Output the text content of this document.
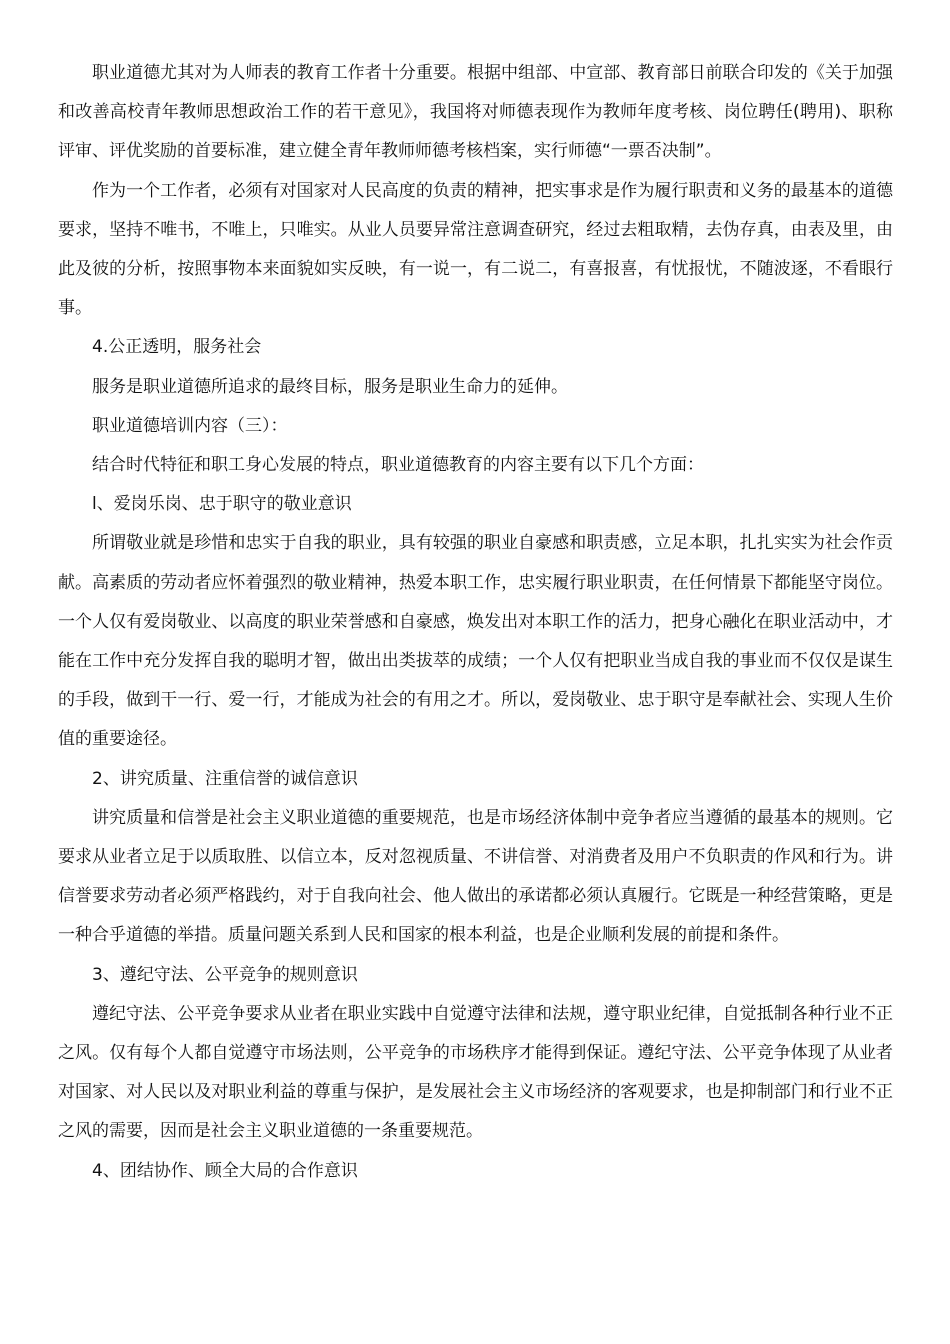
职业道德尤其对为人师表的教育工作者十分重要。根据中组部、中宣部、教育部日前联合印发的《关于加强和改善高校青年教师思想政治工作的若干意见》，我国将对师德表现作为教师年度考核、岗位聘任(聘用)、职称评审、评优奖励的首要标准，建立健全青年教师师德考核档案，实行师德“一票否决制”。

作为一个工作者，必须有对国家对人民高度的负责的精神，把实事求是作为履行职责和义务的最基本的道德要求，坚持不唯书，不唯上，只唯实。从业人员要异常注意调查研究，经过去粗取精，去伪存真，由表及里，由此及彼的分析，按照事物本来面貌如实反映，有一说一，有二说二，有喜报喜，有忧报忧，不随波逐，不看眼行事。

4.公正透明，服务社会

服务是职业道德所追求的最终目标，服务是职业生命力的延伸。

职业道德培训内容（三）：

结合时代特征和职工身心发展的特点，职业道德教育的内容主要有以下几个方面：

l、爱岗乐岗、忠于职守的敬业意识

所谓敬业就是珍惜和忠实于自我的职业，具有较强的职业自豪感和职责感，立足本职，扎扎实实为社会作贡献。高素质的劳动者应怀着强烈的敬业精神，热爱本职工作，忠实履行职业职责，在任何情景下都能坚守岗位。一个人仅有爱岗敬业、以高度的职业荣誉感和自豪感，焕发出对本职工作的活力，把身心融化在职业活动中，才能在工作中充分发挥自我的聪明才智，做出出类拔萃的成绩；一个人仅有把职业当成自我的事业而不仅仅是谋生的手段，做到干一行、爱一行，才能成为社会的有用之才。所以，爱岗敬业、忠于职守是奉献社会、实现人生价值的重要途径。

2、讲究质量、注重信誉的诚信意识

讲究质量和信誉是社会主义职业道德的重要规范，也是市场经济体制中竞争者应当遵循的最基本的规则。它要求从业者立足于以质取胜、以信立本，反对忽视质量、不讲信誉、对消费者及用户不负职责的作风和行为。讲信誉要求劳动者必须严格践约，对于自我向社会、他人做出的承诺都必须认真履行。它既是一种经营策略，更是一种合乎道德的举措。质量问题关系到人民和国家的根本利益，也是企业顺利发展的前提和条件。

3、遵纪守法、公平竞争的规则意识

遵纪守法、公平竞争要求从业者在职业实践中自觉遵守法律和法规，遵守职业纪律，自觉抵制各种行业不正之风。仅有每个人都自觉遵守市场法则，公平竞争的市场秩序才能得到保证。遵纪守法、公平竞争体现了从业者对国家、对人民以及对职业利益的尊重与保护，是发展社会主义市场经济的客观要求，也是抑制部门和行业不正之风的需要，因而是社会主义职业道德的一条重要规范。

4、团结协作、顾全大局的合作意识
